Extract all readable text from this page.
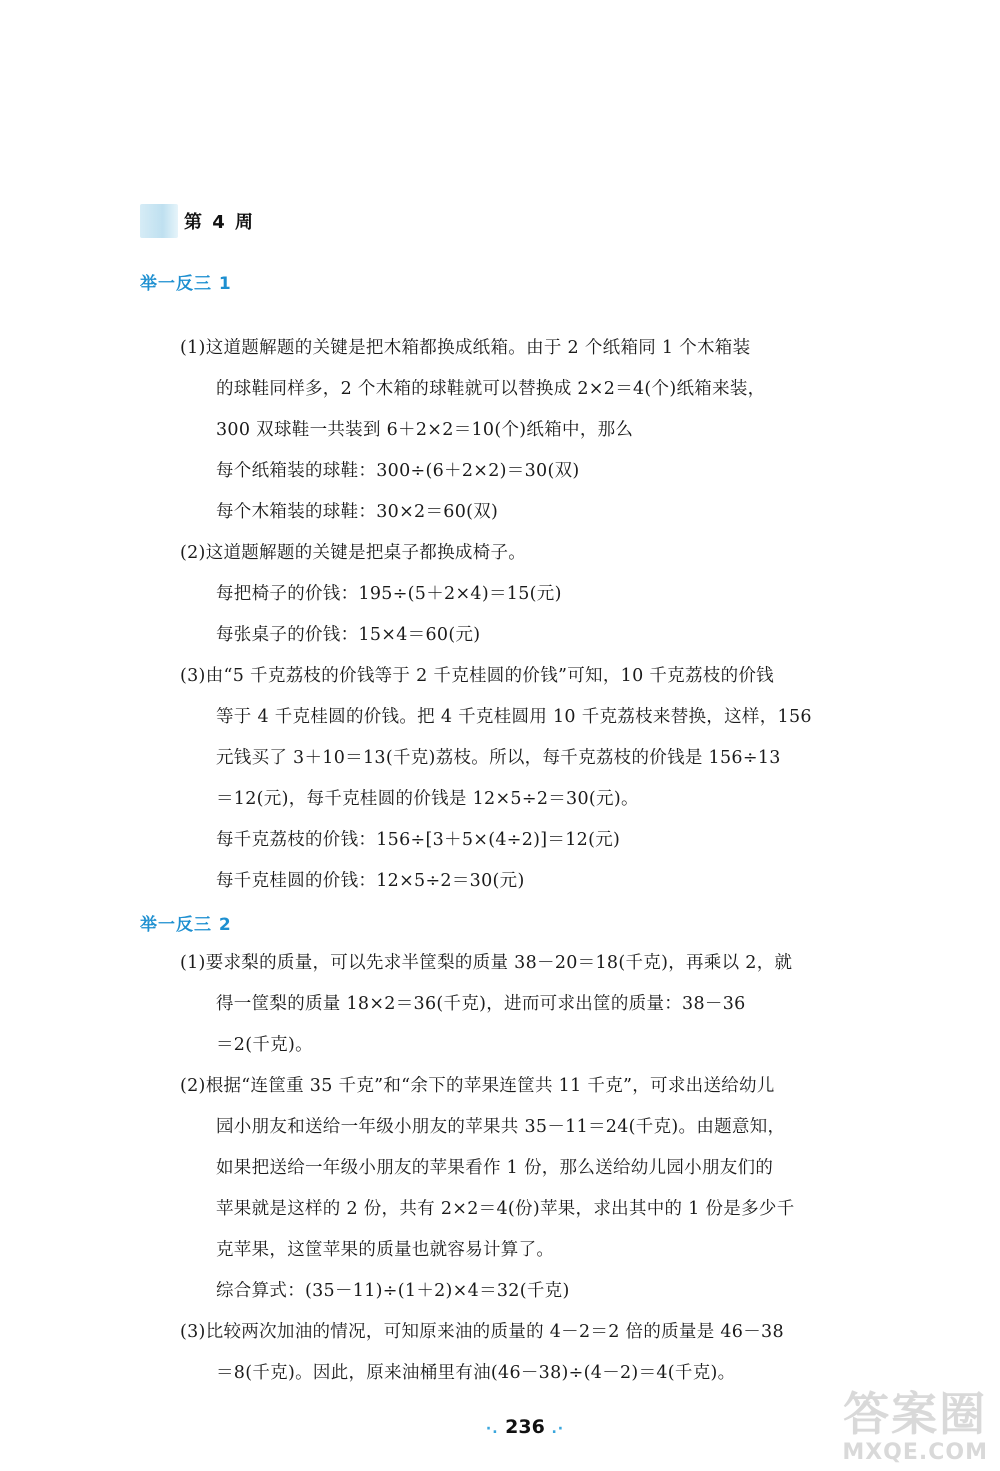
第 4 周
举一反三 1
(1)这道题解题的关键是把木箱都换成纸箱。由于 2 个纸箱同 1 个木箱装
的球鞋同样多，2 个木箱的球鞋就可以替换成 2×2＝4(个)纸箱来装，
300 双球鞋一共装到 6＋2×2＝10(个)纸箱中，那么
每个纸箱装的球鞋：300÷(6＋2×2)＝30(双)
每个木箱装的球鞋：30×2＝60(双)
(2)这道题解题的关键是把桌子都换成椅子。
每把椅子的价钱：195÷(5＋2×4)＝15(元)
每张桌子的价钱：15×4＝60(元)
(3)由“5 千克荔枝的价钱等于 2 千克桂圆的价钱”可知，10 千克荔枝的价钱
等于 4 千克桂圆的价钱。把 4 千克桂圆用 10 千克荔枝来替换，这样，156
元钱买了 3＋10＝13(千克)荔枝。所以，每千克荔枝的价钱是 156÷13
＝12(元)，每千克桂圆的价钱是 12×5÷2＝30(元)。
每千克荔枝的价钱：156÷[3＋5×(4÷2)]＝12(元)
每千克桂圆的价钱：12×5÷2＝30(元)
举一反三 2
(1)要求梨的质量，可以先求半筐梨的质量 38－20＝18(千克)，再乘以 2，就
得一筐梨的质量 18×2＝36(千克)，进而可求出筐的质量：38－36
＝2(千克)。
(2)根据“连筐重 35 千克”和“余下的苹果连筐共 11 千克”，可求出送给幼儿
园小朋友和送给一年级小朋友的苹果共 35－11＝24(千克)。由题意知，
如果把送给一年级小朋友的苹果看作 1 份，那么送给幼儿园小朋友们的
苹果就是这样的 2 份，共有 2×2＝4(份)苹果，求出其中的 1 份是多少千
克苹果，这筐苹果的质量也就容易计算了。
综合算式：(35－11)÷(1＋2)×4＝32(千克)
(3)比较两次加油的情况，可知原来油的质量的 4－2＝2 倍的质量是 46－38
＝8(千克)。因此，原来油桶里有油(46－38)÷(4－2)＝4(千克)。
·. 236 .·	答案圈
MXQE.COM
